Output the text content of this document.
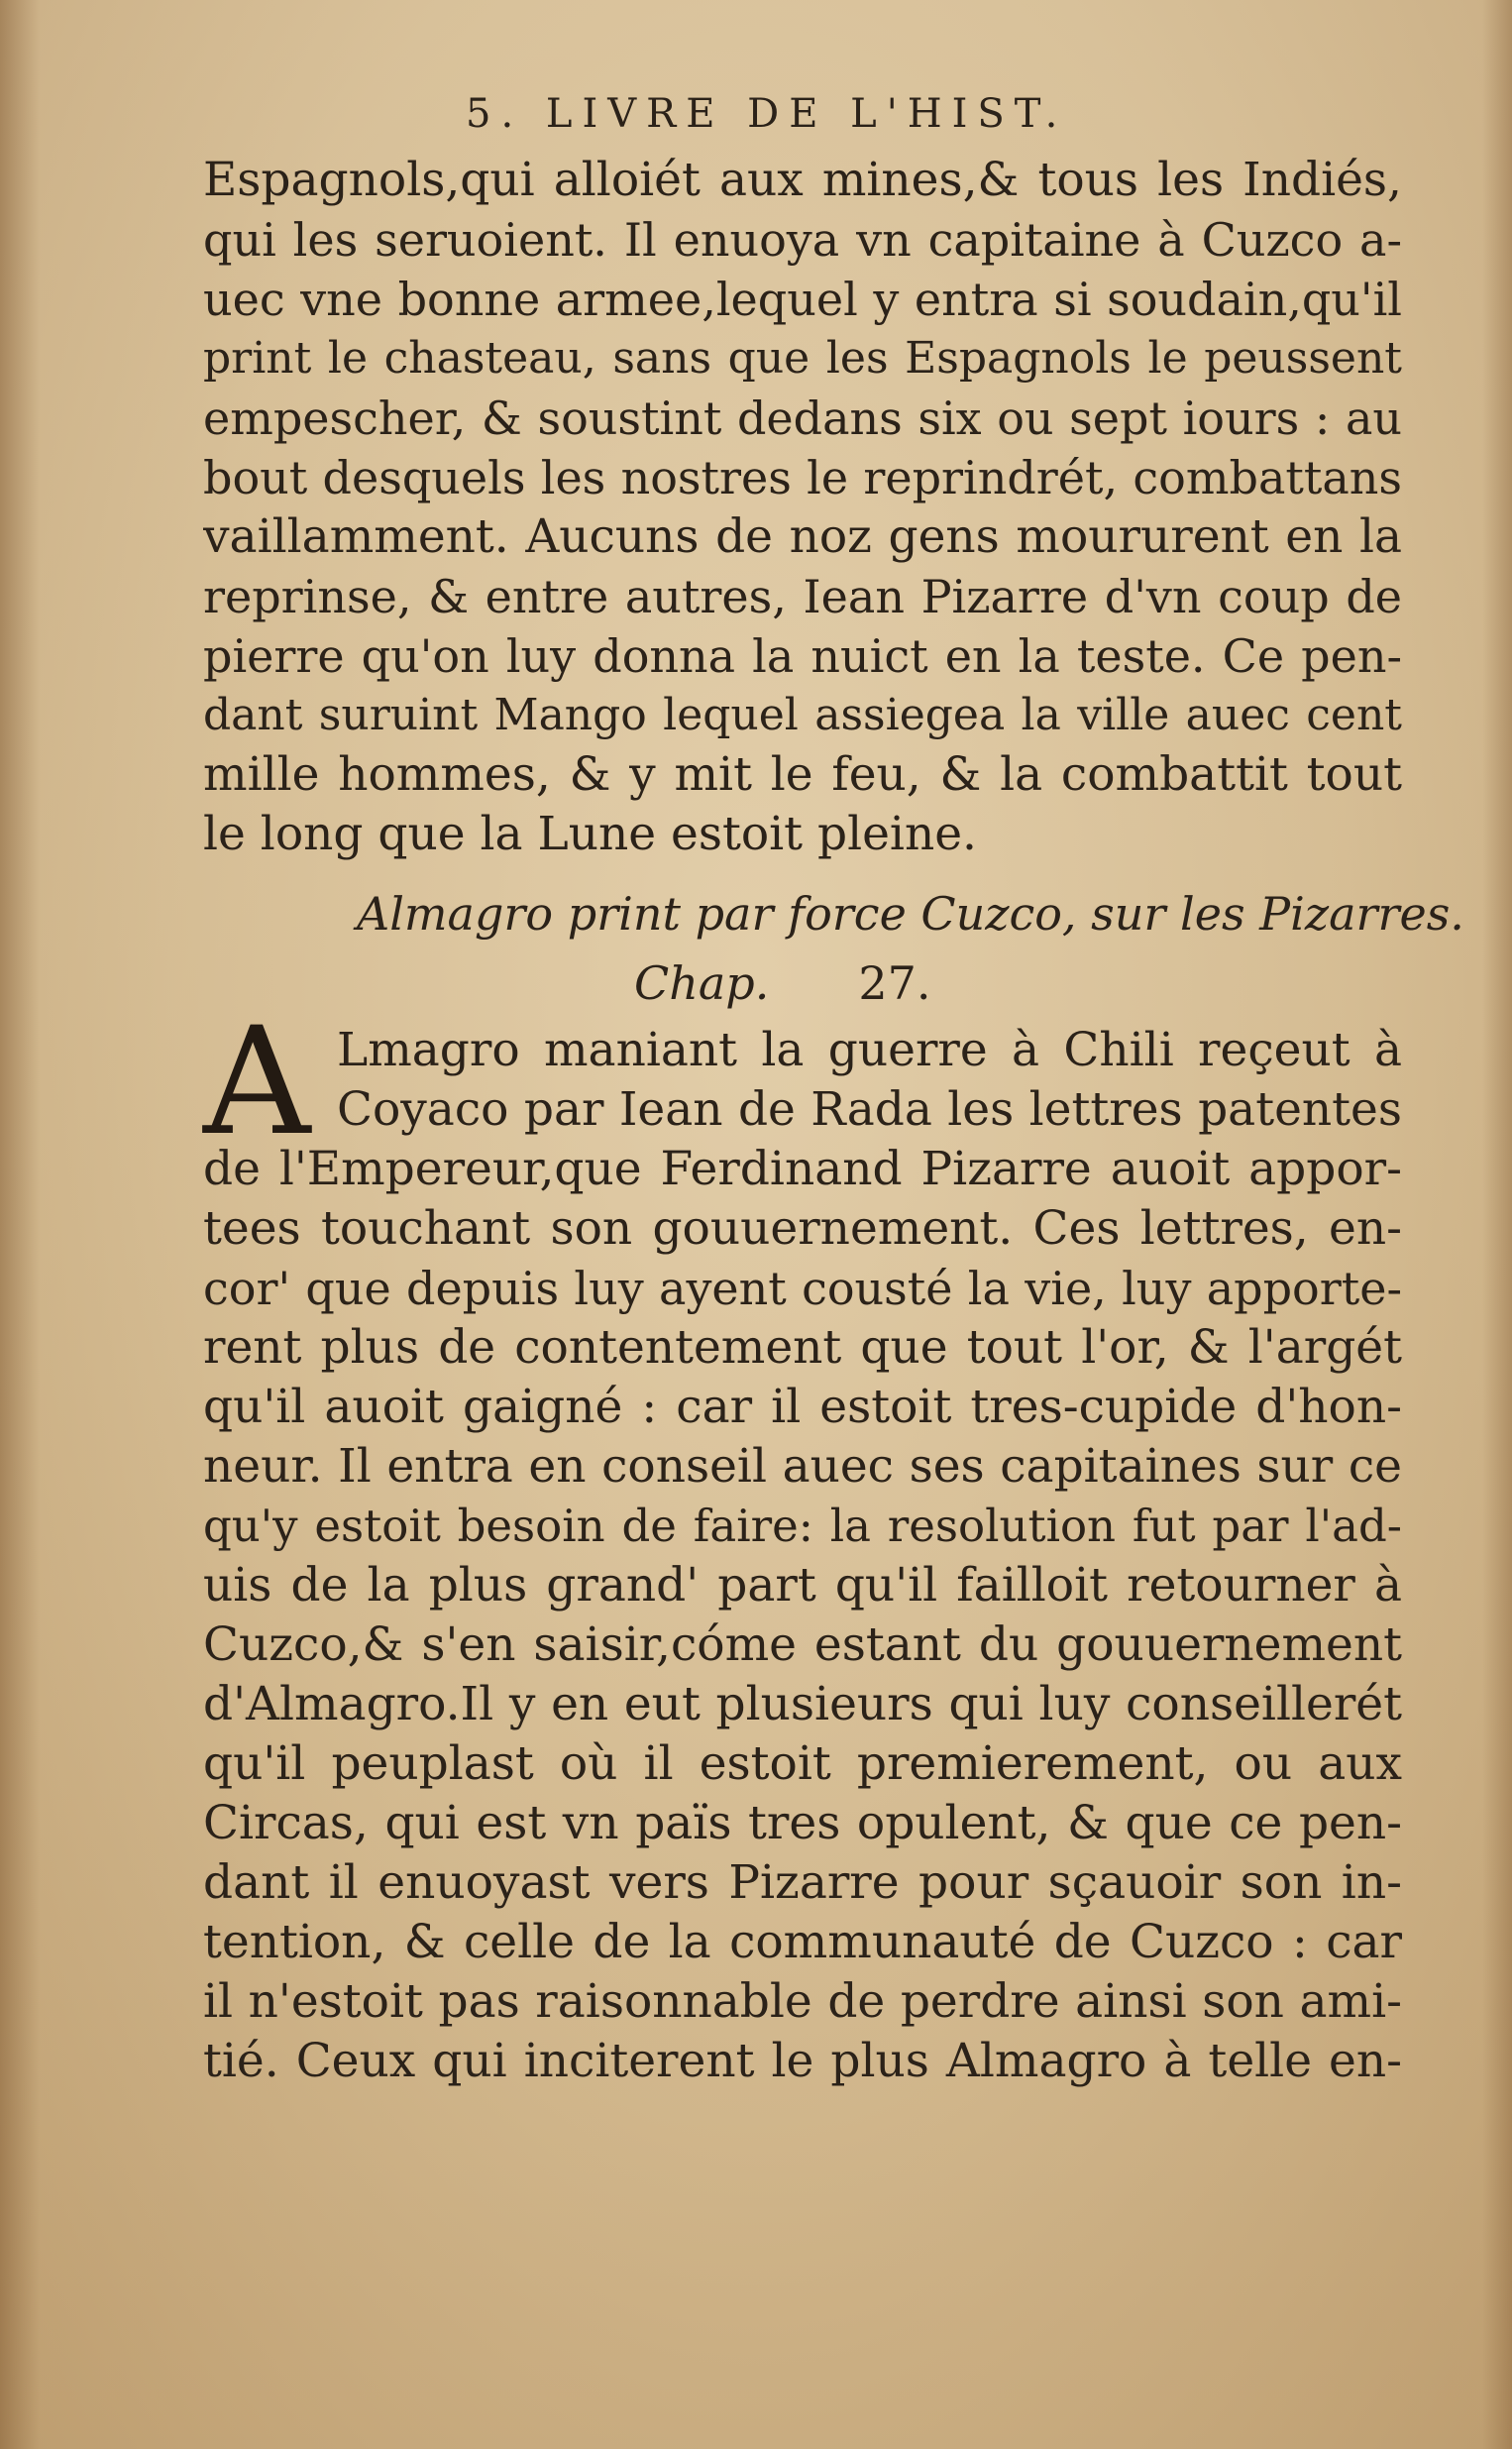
5. LIVRE DE L'HIST.
Espagnols,qui alloiét aux mines,& tous les Indiés,
qui les seruoient. Il enuoya vn capitaine à Cuzco a-
uec vne bonne armee,lequel y entra si soudain,qu'il
print le chasteau, sans que les Espagnols le peussent
empescher, & soustint dedans six ou sept iours : au
bout desquels les nostres le reprindrét, combattans
vaillamment. Aucuns de noz gens moururent en la
reprinse, & entre autres, Iean Pizarre d'vn coup de
pierre qu'on luy donna la nuict en la teste. Ce pen-
dant suruint Mango lequel assiegea la ville auec cent
mille hommes, & y mit le feu, & la combattit tout
le long que la Lune estoit pleine.
Almagro print par force Cuzco, sur les Pizarres.
Chap. 27.
A Lmagro maniant la guerre à Chili reçeut à
Coyaco par Iean de Rada les lettres patentes
de l'Empereur,que Ferdinand Pizarre auoit appor-
tees touchant son gouuernement. Ces lettres, en-
cor' que depuis luy ayent cousté la vie, luy apporte-
rent plus de contentement que tout l'or, & l'argét
qu'il auoit gaigné : car il estoit tres-cupide d'hon-
neur. Il entra en conseil auec ses capitaines sur ce
qu'y estoit besoin de faire: la resolution fut par l'ad-
uis de la plus grand' part qu'il failloit retourner à
Cuzco,& s'en saisir,cóme estant du gouuernement
d'Almagro.Il y en eut plusieurs qui luy conseillerét
qu'il peuplast où il estoit premierement, ou aux
Circas, qui est vn païs tres opulent, & que ce pen-
dant il enuoyast vers Pizarre pour sçauoir son in-
tention, & celle de la communauté de Cuzco : car
il n'estoit pas raisonnable de perdre ainsi son ami-
tié. Ceux qui inciterent le plus Almagro à telle en-
